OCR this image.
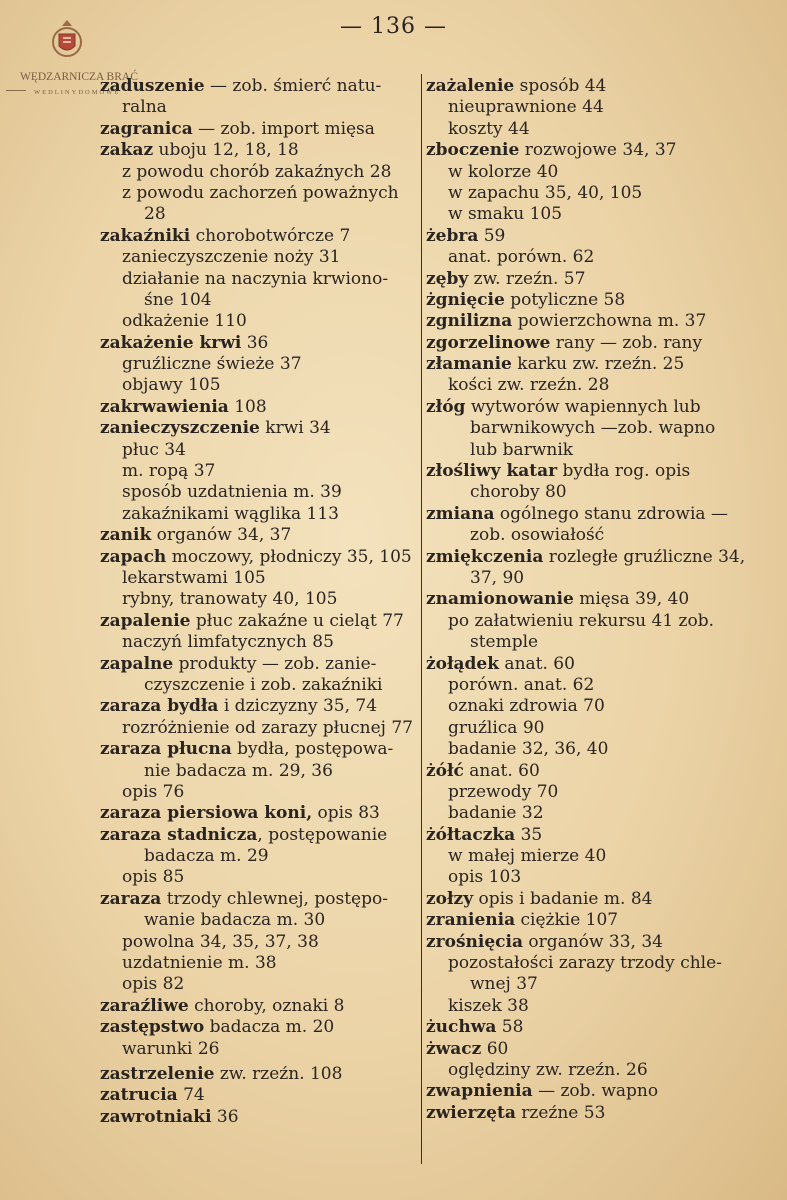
WĘDZARNICZA BRAĆ
WEDLINYDOMOWE
— 136 —
zaduszenie — zob. śmierć natu-
ralna
zagranica — zob. import mięsa
zakaz uboju 12, 18, 18
z powodu chorób zakaźnych 28
z powodu zachorzeń poważnych
28
zakaźniki chorobotwórcze 7
zanieczyszczenie noży 31
działanie na naczynia krwiono-
śne 104
odkażenie 110
zakażenie krwi 36
gruźliczne świeże 37
objawy 105
zakrwawienia 108
zanieczyszczenie krwi 34
płuc 34
m. ropą 37
sposób uzdatnienia m. 39
zakaźnikami wąglika 113
zanik organów 34, 37
zapach moczowy, płodniczy 35, 105
lekarstwami 105
rybny, tranowaty 40, 105
zapalenie płuc zakaźne u cieląt 77
naczyń limfatycznych 85
zapalne produkty — zob. zanie-
czyszczenie i zob. zakaźniki
zaraza bydła i dziczyzny 35, 74
rozróżnienie od zarazy płucnej 77
zaraza płucna bydła, postępowa-
nie badacza m. 29, 36
opis 76
zaraza piersiowa koni, opis 83
zaraza stadnicza, postępowanie
badacza m. 29
opis 85
zaraza trzody chlewnej, postępo-
wanie badacza m. 30
powolna 34, 35, 37, 38
uzdatnienie m. 38
opis 82
zaraźliwe choroby, oznaki 8
zastępstwo badacza m. 20
warunki 26
zastrzelenie zw. rzeźn. 108
zatrucia 74
zawrotniaki 36
zażalenie sposób 44
nieuprawnione 44
koszty 44
zboczenie rozwojowe 34, 37
w kolorze 40
w zapachu 35, 40, 105
w smaku 105
żebra 59
anat. porówn. 62
zęby zw. rzeźn. 57
żgnięcie potyliczne 58
zgnilizna powierzchowna m. 37
zgorzelinowe rany — zob. rany
złamanie karku zw. rzeźn. 25
kości zw. rzeźn. 28
złóg wytworów wapiennych lub
barwnikowych —zob. wapno
lub barwnik
złośliwy katar bydła rog. opis
choroby 80
zmiana ogólnego stanu zdrowia —
zob. osowiałość
zmiękczenia rozległe gruźliczne 34,
37, 90
znamionowanie mięsa 39, 40
po załatwieniu rekursu 41 zob.
stemple
żołądek anat. 60
porówn. anat. 62
oznaki zdrowia 70
gruźlica 90
badanie 32, 36, 40
żółć anat. 60
przewody 70
badanie 32
żółtaczka 35
w małej mierze 40
opis 103
zołzy opis i badanie m. 84
zranienia ciężkie 107
zrośnięcia organów 33, 34
pozostałości zarazy trzody chle-
wnej 37
kiszek 38
żuchwa 58
żwacz 60
oględziny zw. rzeźn. 26
zwapnienia — zob. wapno
zwierzęta rzeźne 53
